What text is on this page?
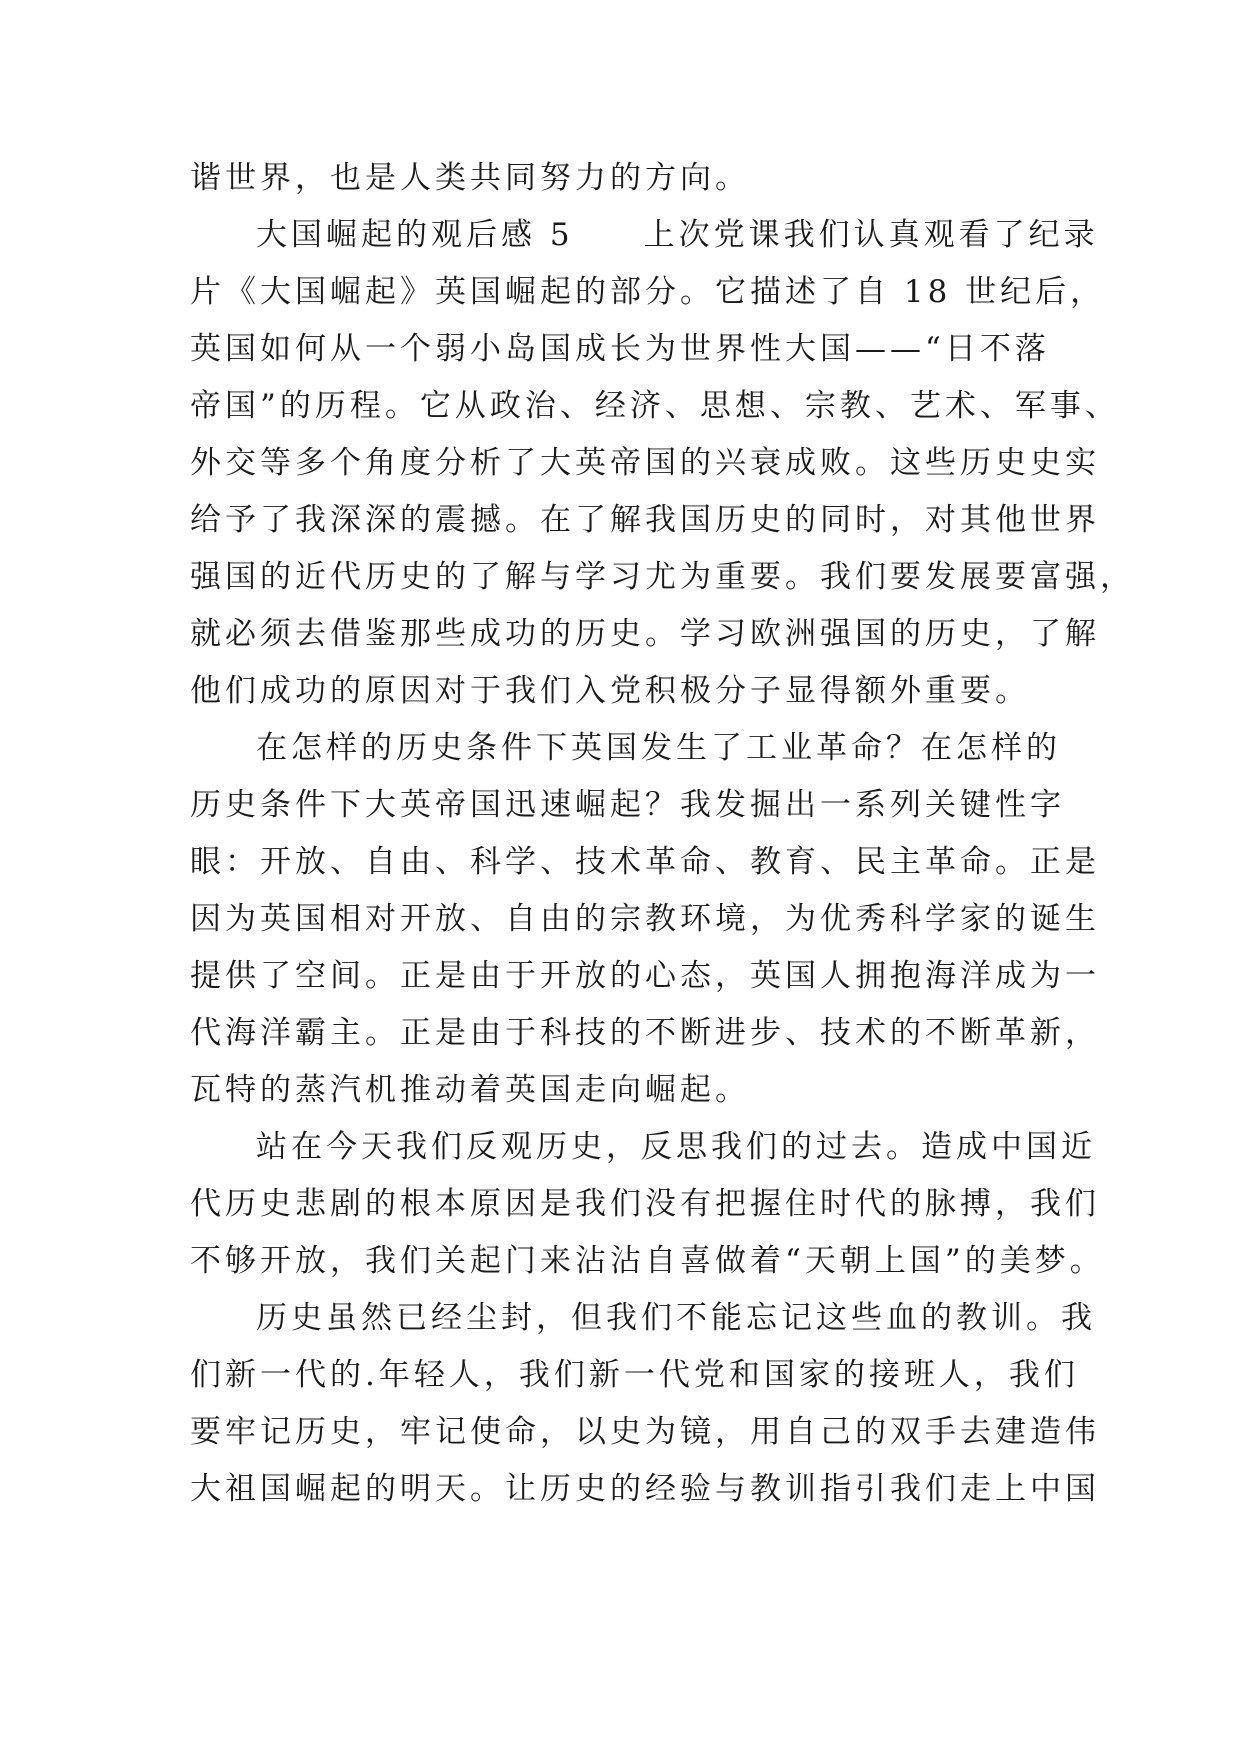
谐世界，也是人类共同努力的方向。
大国崛起的观后感 5　　上次党课我们认真观看了纪录
片《大国崛起》英国崛起的部分。它描述了自 18 世纪后，
英国如何从一个弱小岛国成长为世界性大国——“日不落
帝国”的历程。它从政治、经济、思想、宗教、艺术、军事、
外交等多个角度分析了大英帝国的兴衰成败。这些历史史实
给予了我深深的震撼。在了解我国历史的同时，对其他世界
强国的近代历史的了解与学习尤为重要。我们要发展要富强，
就必须去借鉴那些成功的历史。学习欧洲强国的历史，了解
他们成功的原因对于我们入党积极分子显得额外重要。
在怎样的历史条件下英国发生了工业革命？在怎样的
历史条件下大英帝国迅速崛起？我发掘出一系列关键性字
眼：开放、自由、科学、技术革命、教育、民主革命。正是
因为英国相对开放、自由的宗教环境，为优秀科学家的诞生
提供了空间。正是由于开放的心态，英国人拥抱海洋成为一
代海洋霸主。正是由于科技的不断进步、技术的不断革新，
瓦特的蒸汽机推动着英国走向崛起。
站在今天我们反观历史，反思我们的过去。造成中国近
代历史悲剧的根本原因是我们没有把握住时代的脉搏，我们
不够开放，我们关起门来沾沾自喜做着“天朝上国”的美梦。
历史虽然已经尘封，但我们不能忘记这些血的教训。我
们新一代的.年轻人，我们新一代党和国家的接班人，我们
要牢记历史，牢记使命，以史为镜，用自己的双手去建造伟
大祖国崛起的明天。让历史的经验与教训指引我们走上中国
